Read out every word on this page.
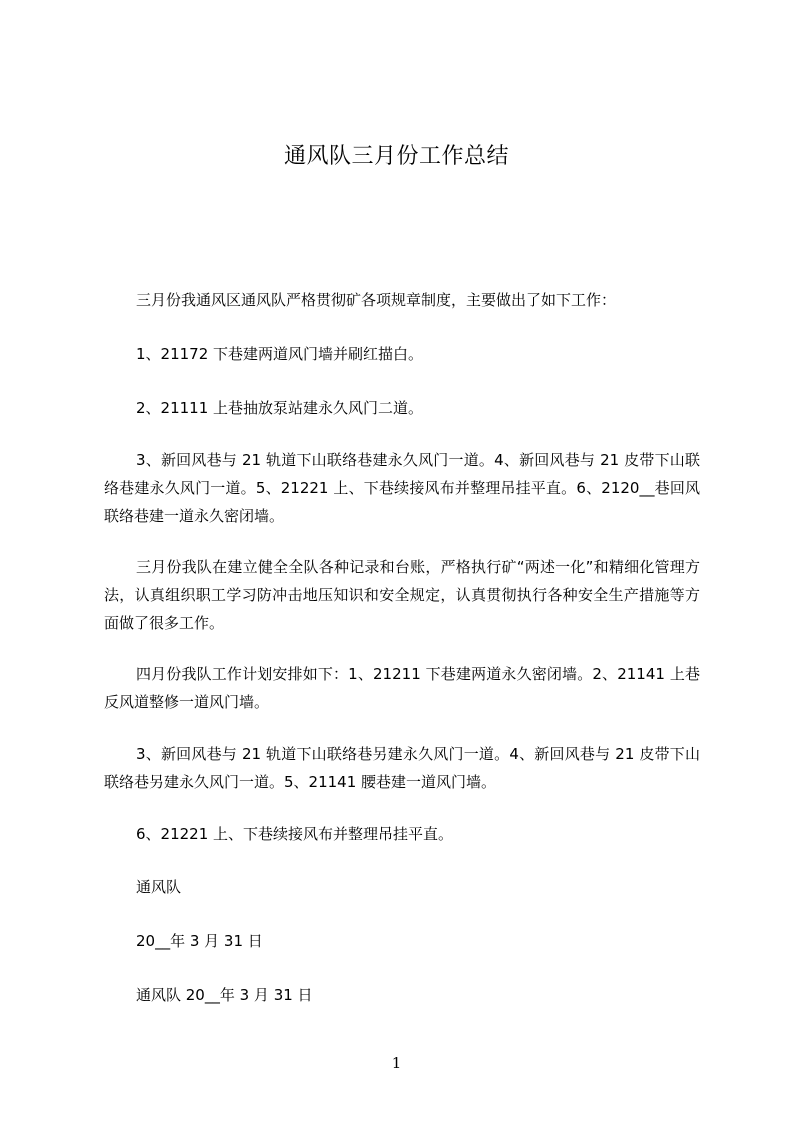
通风队三月份工作总结

三月份我通风区通风队严格贯彻矿各项规章制度，主要做出了如下工作：

1、21172 下巷建两道风门墙并刷红描白。

2、21111 上巷抽放泵站建永久风门二道。

3、新回风巷与 21 轨道下山联络巷建永久风门一道。4、新回风巷与 21 皮带下山联络巷建永久风门一道。5、21221 上、下巷续接风布并整理吊挂平直。6、2120__巷回风联络巷建一道永久密闭墙。

三月份我队在建立健全全队各种记录和台账，严格执行矿“两述一化”和精细化管理方法，认真组织职工学习防冲击地压知识和安全规定，认真贯彻执行各种安全生产措施等方面做了很多工作。

四月份我队工作计划安排如下：1、21211 下巷建两道永久密闭墙。2、21141 上巷反风道整修一道风门墙。

3、新回风巷与 21 轨道下山联络巷另建永久风门一道。4、新回风巷与 21 皮带下山联络巷另建永久风门一道。5、21141 腰巷建一道风门墙。

6、21221 上、下巷续接风布并整理吊挂平直。

通风队

20__年 3 月 31 日

通风队 20__年 3 月 31 日

1
